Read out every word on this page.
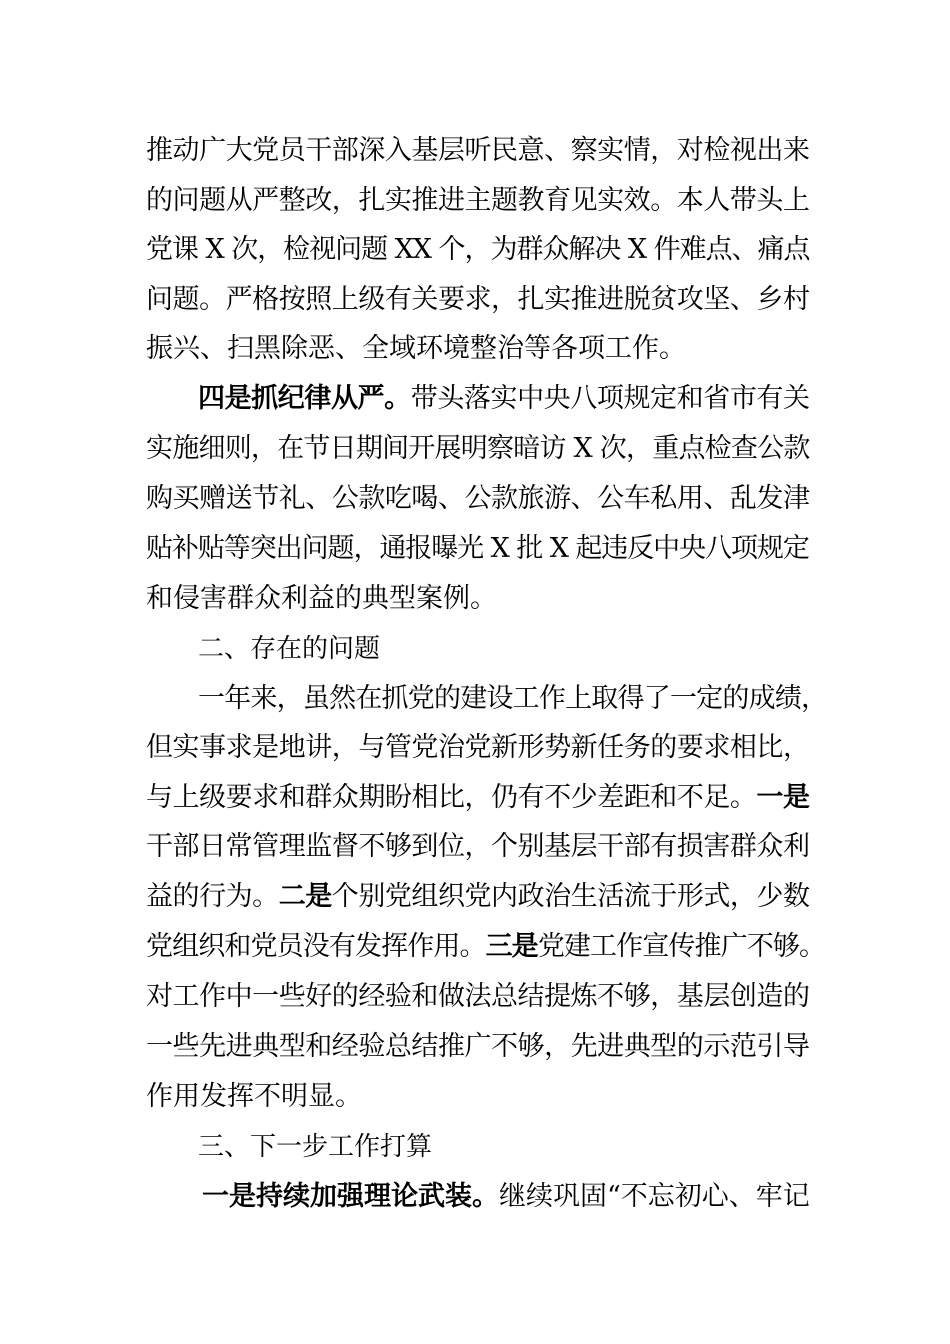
推动广大党员干部深入基层听民意、察实情，对检视出来
的问题从严整改，扎实推进主题教育见实效。本人带头上
党课 X 次，检视问题 XX 个，为群众解决 X 件难点、痛点
问题。严格按照上级有关要求，扎实推进脱贫攻坚、乡村
振兴、扫黑除恶、全域环境整治等各项工作。
四是抓纪律从严。带头落实中央八项规定和省市有关
实施细则，在节日期间开展明察暗访 X 次，重点检查公款
购买赠送节礼、公款吃喝、公款旅游、公车私用、乱发津
贴补贴等突出问题，通报曝光 X 批 X 起违反中央八项规定
和侵害群众利益的典型案例。
二、存在的问题
一年来，虽然在抓党的建设工作上取得了一定的成绩，
但实事求是地讲，与管党治党新形势新任务的要求相比，
与上级要求和群众期盼相比，仍有不少差距和不足。一是
干部日常管理监督不够到位，个别基层干部有损害群众利
益的行为。二是个别党组织党内政治生活流于形式，少数
党组织和党员没有发挥作用。三是党建工作宣传推广不够。
对工作中一些好的经验和做法总结提炼不够，基层创造的
一些先进典型和经验总结推广不够，先进典型的示范引导
作用发挥不明显。
三、下一步工作打算
一是持续加强理论武装。继续巩固“不忘初心、牢记
